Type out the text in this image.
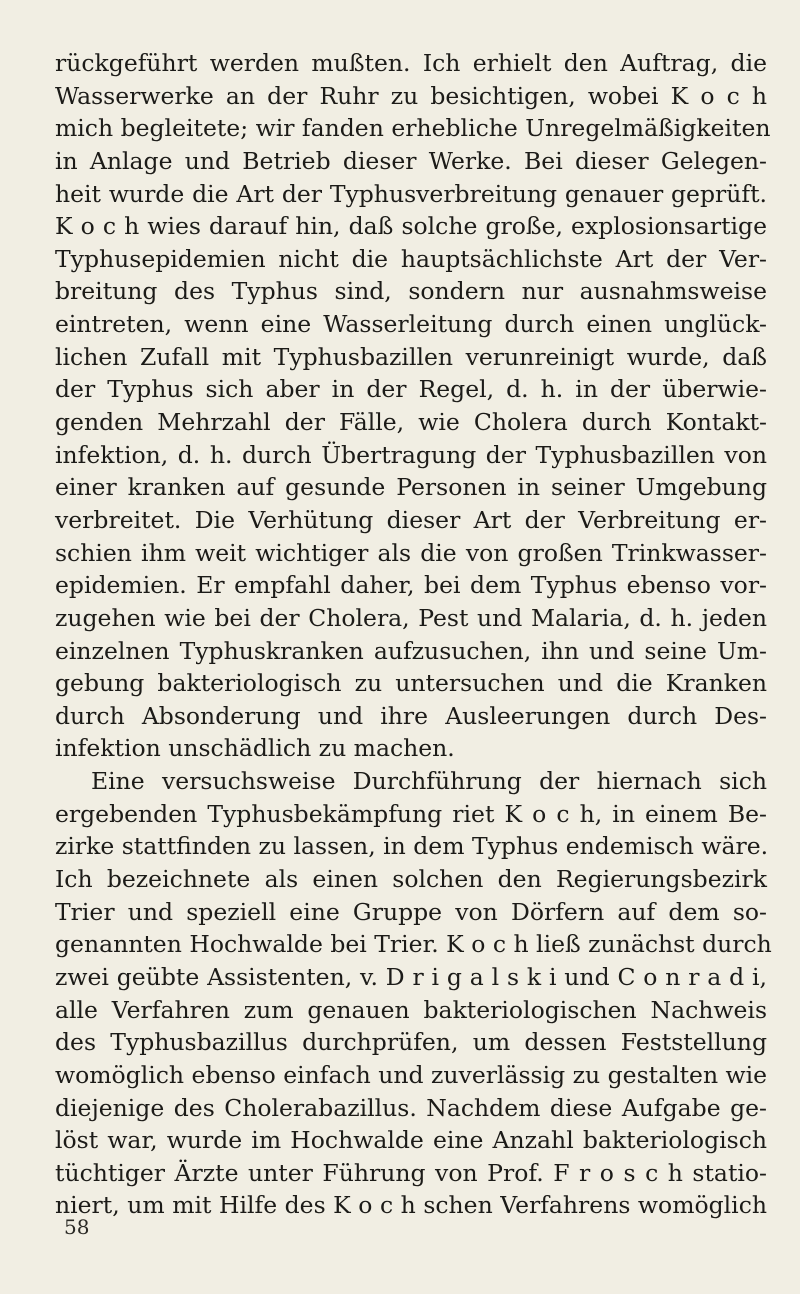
rückgeführt werden mußten. Ich erhielt den Auftrag, die
Wasserwerke an der Ruhr zu besichtigen, wobei K o c h
mich begleitete; wir fanden erhebliche Unregelmäßigkeiten
in Anlage und Betrieb dieser Werke. Bei dieser Gelegen-
heit wurde die Art der Typhusverbreitung genauer geprüft.
K o c h wies darauf hin, daß solche große, explosionsartige
Typhusepidemien nicht die hauptsächlichste Art der Ver-
breitung des Typhus sind, sondern nur ausnahmsweise
eintreten, wenn eine Wasserleitung durch einen unglück-
lichen Zufall mit Typhusbazillen verunreinigt wurde, daß
der Typhus sich aber in der Regel, d. h. in der überwie-
genden Mehrzahl der Fälle, wie Cholera durch Kontakt-
infektion, d. h. durch Übertragung der Typhusbazillen von
einer kranken auf gesunde Personen in seiner Umgebung
verbreitet. Die Verhütung dieser Art der Verbreitung er-
schien ihm weit wichtiger als die von großen Trinkwasser-
epidemien. Er empfahl daher, bei dem Typhus ebenso vor-
zugehen wie bei der Cholera, Pest und Malaria, d. h. jeden
einzelnen Typhuskranken aufzusuchen, ihn und seine Um-
gebung bakteriologisch zu untersuchen und die Kranken
durch Absonderung und ihre Ausleerungen durch Des-
infektion unschädlich zu machen.
Eine versuchsweise Durchführung der hiernach sich
ergebenden Typhusbekämpfung riet K o c h, in einem Be-
zirke stattfinden zu lassen, in dem Typhus endemisch wäre.
Ich bezeichnete als einen solchen den Regierungsbezirk
Trier und speziell eine Gruppe von Dörfern auf dem so-
genannten Hochwalde bei Trier. K o c h ließ zunächst durch
zwei geübte Assistenten, v. D r i g a l s k i und C o n r a d i,
alle Verfahren zum genauen bakteriologischen Nachweis
des Typhusbazillus durchprüfen, um dessen Feststellung
womöglich ebenso einfach und zuverlässig zu gestalten wie
diejenige des Cholerabazillus. Nachdem diese Aufgabe ge-
löst war, wurde im Hochwalde eine Anzahl bakteriologisch
tüchtiger Ärzte unter Führung von Prof. F r o s c h statio-
niert, um mit Hilfe des K o c h schen Verfahrens womöglich
58
